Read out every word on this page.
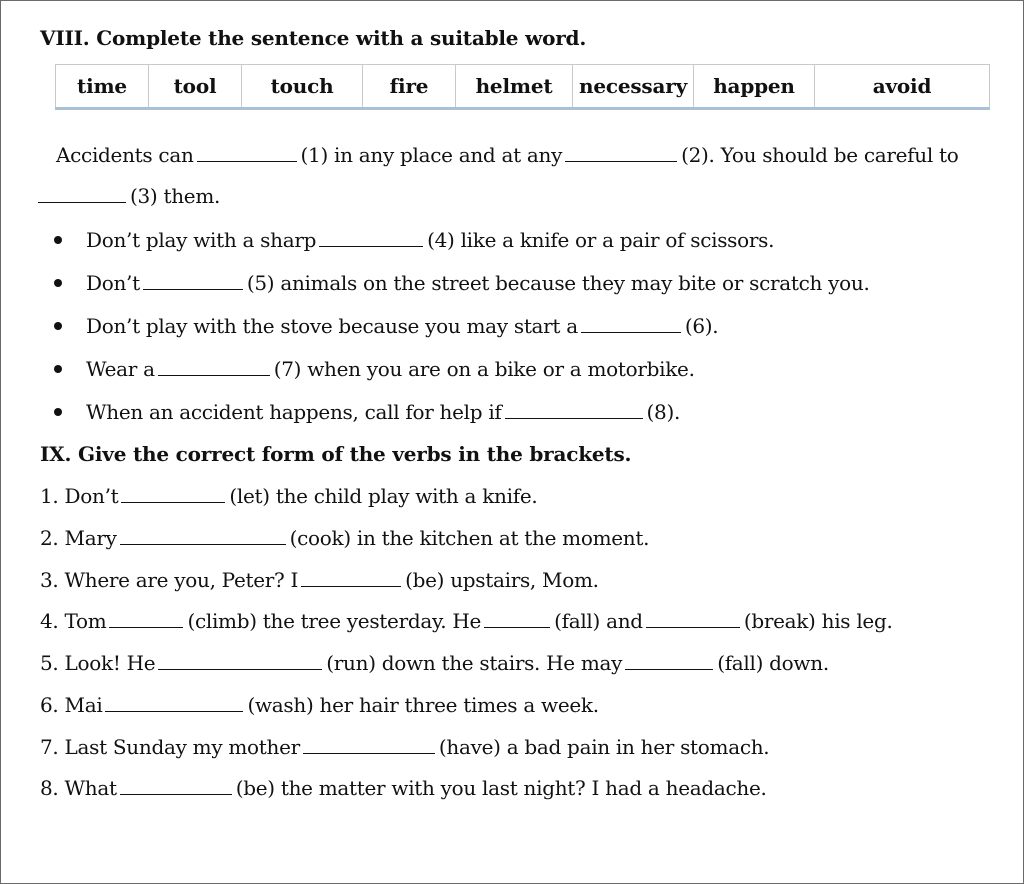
VIII. Complete the sentence with a suitable word.
time	tool	touch	fire	helmet	necessary	happen	avoid
Accidents can	(1) in any place and at any	(2). You should be careful to
(3) them.
Don’t play with a sharp	(4) like a knife or a pair of scissors.
Don’t	(5) animals on the street because they may bite or scratch you.
Don’t play with the stove because you may start a	(6).
Wear a	(7) when you are on a bike or a motorbike.
When an accident happens, call for help if	(8).
IX. Give the correct form of the verbs in the brackets.
1. Don’t	(let) the child play with a knife.
2. Mary	(cook) in the kitchen at the moment.
3. Where are you, Peter? I	(be) upstairs, Mom.
4. Tom	(climb) the tree yesterday. He	(fall) and	(break) his leg.
5. Look! He	(run) down the stairs. He may	(fall) down.
6. Mai	(wash) her hair three times a week.
7. Last Sunday my mother	(have) a bad pain in her stomach.
8. What	(be) the matter with you last night? I had a headache.
